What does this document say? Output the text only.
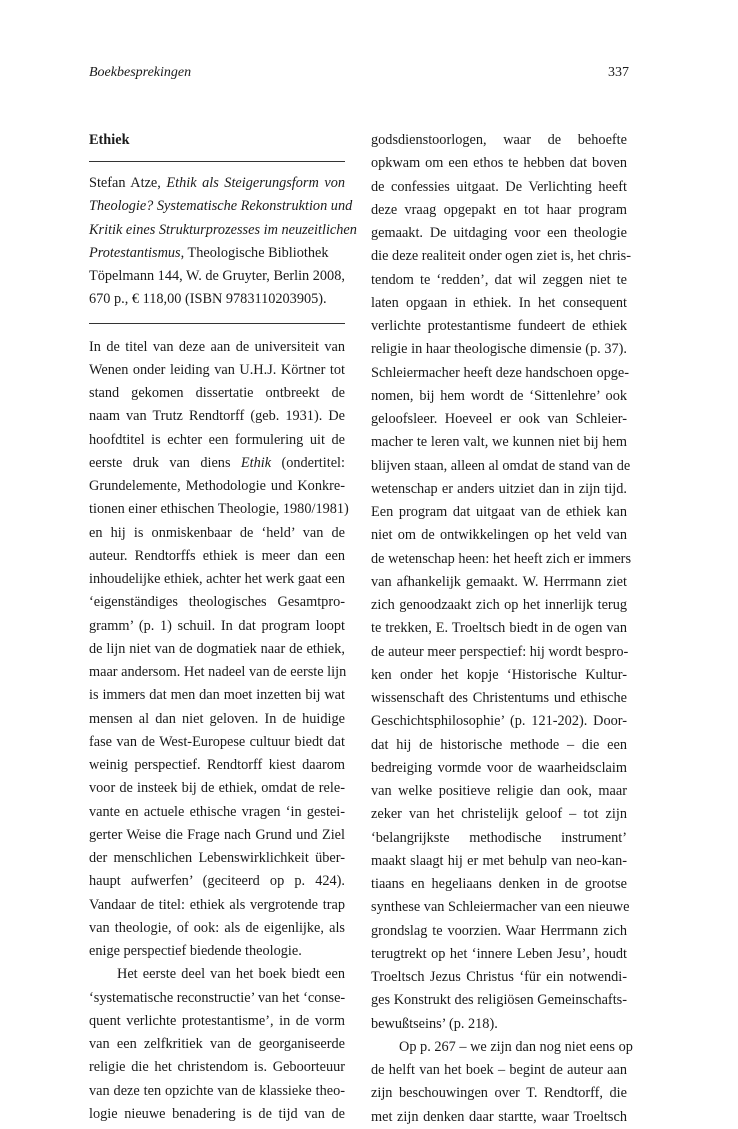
Boekbesprekingen	337
Ethiek
Stefan Atze, Ethik als Steigerungsform von
Theologie? Systematische Rekonstruktion und
Kritik eines Strukturprozesses im neuzeitlichen
Protestantismus, Theologische Bibliothek
Töpelmann 144, W. de Gruyter, Berlin 2008,
670 p., € 118,00 (ISBN 9783110203905).
In de titel van deze aan de universiteit van
Wenen onder leiding van U.H.J. Körtner tot
stand gekomen dissertatie ontbreekt de
naam van Trutz Rendtorff (geb. 1931). De
hoofdtitel is echter een formulering uit de
eerste druk van diens Ethik (ondertitel:
Grundelemente, Methodologie und Konkre-
tionen einer ethischen Theologie, 1980/1981)
en hij is onmiskenbaar de ‘held’ van de
auteur. Rendtorffs ethiek is meer dan een
inhoudelijke ethiek, achter het werk gaat een
‘eigenständiges theologisches Gesamtpro-
gramm’ (p. 1) schuil. In dat program loopt
de lijn niet van de dogmatiek naar de ethiek,
maar andersom. Het nadeel van de eerste lijn
is immers dat men dan moet inzetten bij wat
mensen al dan niet geloven. In de huidige
fase van de West-Europese cultuur biedt dat
weinig perspectief. Rendtorff kiest daarom
voor de insteek bij de ethiek, omdat de rele-
vante en actuele ethische vragen ‘in gestei-
gerter Weise die Frage nach Grund und Ziel
der menschlichen Lebenswirklichkeit über-
haupt aufwerfen’ (geciteerd op p. 424).
Vandaar de titel: ethiek als vergrotende trap
van theologie, of ook: als de eigenlijke, als
enige perspectief biedende theologie.
Het eerste deel van het boek biedt een
‘systematische reconstructie’ van het ‘conse-
quent verlichte protestantisme’, in de vorm
van een zelfkritiek van de georganiseerde
religie die het christendom is. Geboorteuur
van deze ten opzichte van de klassieke theo-
logie nieuwe benadering is de tijd van de
godsdienstoorlogen, waar de behoefte
opkwam om een ethos te hebben dat boven
de confessies uitgaat. De Verlichting heeft
deze vraag opgepakt en tot haar program
gemaakt. De uitdaging voor een theologie
die deze realiteit onder ogen ziet is, het chris-
tendom te ‘redden’, dat wil zeggen niet te
laten opgaan in ethiek. In het consequent
verlichte protestantisme fundeert de ethiek
religie in haar theologische dimensie (p. 37).
Schleiermacher heeft deze handschoen opge-
nomen, bij hem wordt de ‘Sittenlehre’ ook
geloofsleer. Hoeveel er ook van Schleier-
macher te leren valt, we kunnen niet bij hem
blijven staan, alleen al omdat de stand van de
wetenschap er anders uitziet dan in zijn tijd.
Een program dat uitgaat van de ethiek kan
niet om de ontwikkelingen op het veld van
de wetenschap heen: het heeft zich er immers
van afhankelijk gemaakt. W. Herrmann ziet
zich genoodzaakt zich op het innerlijk terug
te trekken, E. Troeltsch biedt in de ogen van
de auteur meer perspectief: hij wordt bespro-
ken onder het kopje ‘Historische Kultur-
wissenschaft des Christentums und ethische
Geschichtsphilosophie’ (p. 121-202). Door-
dat hij de historische methode – die een
bedreiging vormde voor de waarheidsclaim
van welke positieve religie dan ook, maar
zeker van het christelijk geloof – tot zijn
‘belangrijkste methodische instrument’
maakt slaagt hij er met behulp van neo-kan-
tiaans en hegeliaans denken in de grootse
synthese van Schleiermacher van een nieuwe
grondslag te voorzien. Waar Herrmann zich
terugtrekt op het ‘innere Leben Jesu’, houdt
Troeltsch Jezus Christus ‘für ein notwendi-
ges Konstrukt des religiösen Gemeinschafts-
bewußtseins’ (p. 218).
Op p. 267 – we zijn dan nog niet eens op
de helft van het boek – begint de auteur aan
zijn beschouwingen over T. Rendtorff, die
met zijn denken daar startte, waar Troeltsch
